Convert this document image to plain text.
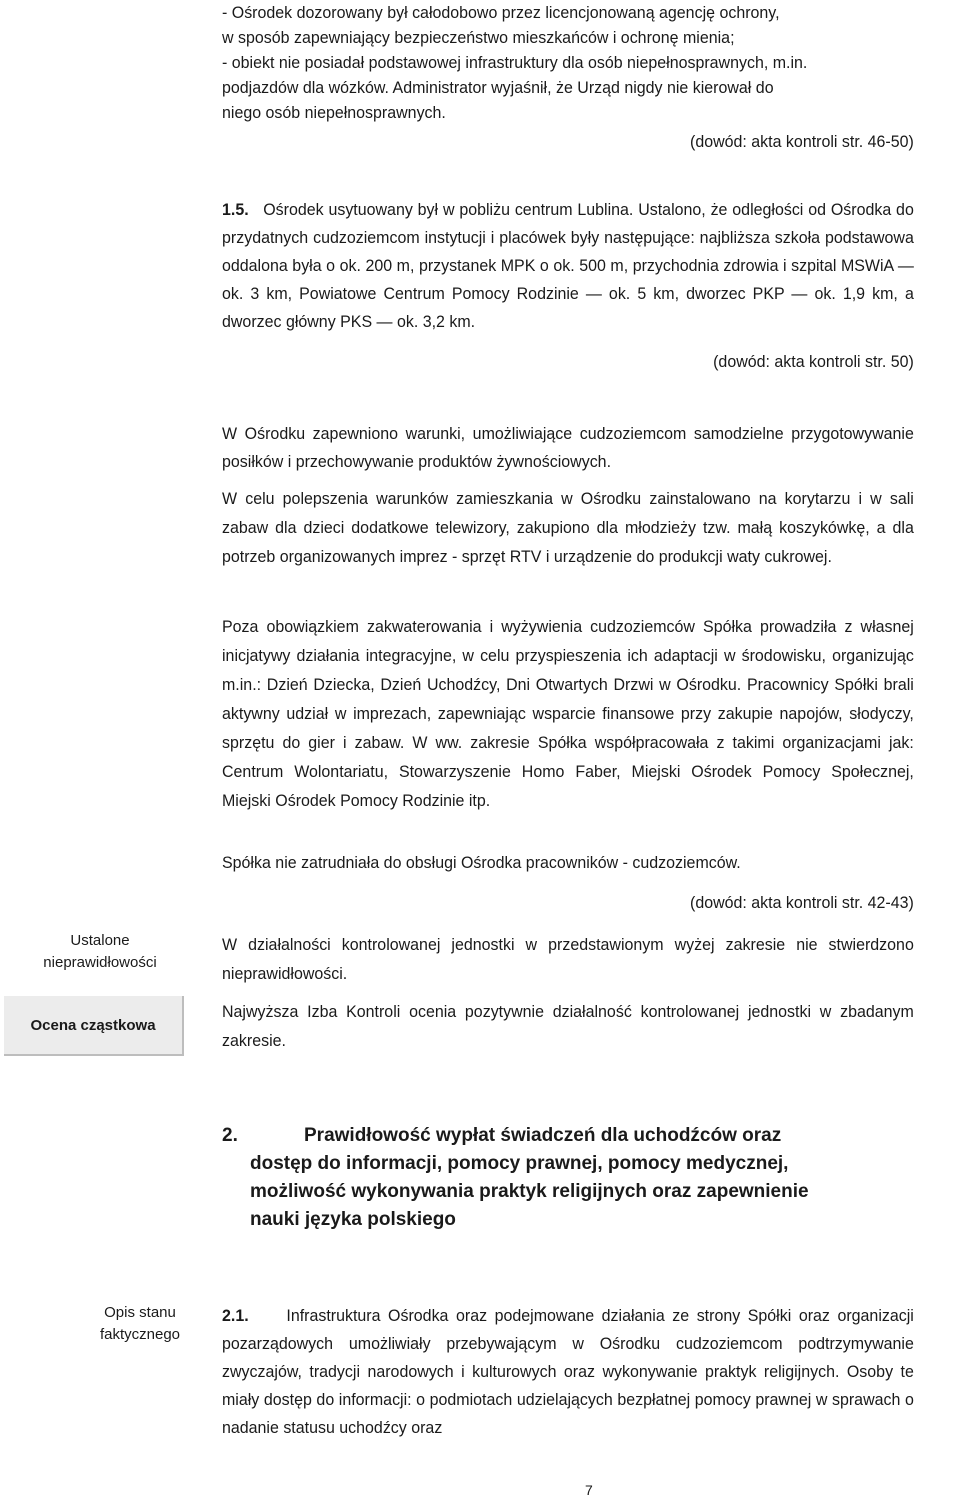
- Ośrodek dozorowany był całodobowo przez licencjonowaną agencję ochrony,

w sposób zapewniający bezpieczeństwo mieszkańców i ochronę mienia;

- obiekt nie posiadał podstawowej infrastruktury dla osób niepełnosprawnych, m.in.

podjazdów dla wózków. Administrator wyjaśnił, że Urząd nigdy nie kierował do

niego osób niepełnosprawnych.

(dowód: akta kontroli str. 46-50)

1.5. Ośrodek usytuowany był w pobliżu centrum Lublina. Ustalono, że odległości od Ośrodka do przydatnych cudzoziemcom instytucji i placówek były następujące: najbliższa szkoła podstawowa oddalona była o ok. 200 m, przystanek MPK o ok. 500 m, przychodnia zdrowia i szpital MSWiA — ok. 3 km, Powiatowe Centrum Pomocy Rodzinie — ok. 5 km, dworzec PKP — ok. 1,9 km, a dworzec główny PKS — ok. 3,2 km.

(dowód: akta kontroli str. 50)

W Ośrodku zapewniono warunki, umożliwiające cudzoziemcom samodzielne przygotowywanie posiłków i przechowywanie produktów żywnościowych.

W celu polepszenia warunków zamieszkania w Ośrodku zainstalowano na korytarzu i w sali zabaw dla dzieci dodatkowe telewizory, zakupiono dla młodzieży tzw. małą koszykówkę, a dla potrzeb organizowanych imprez - sprzęt RTV i urządzenie do produkcji waty cukrowej.

Poza obowiązkiem zakwaterowania i wyżywienia cudzoziemców Spółka prowadziła z własnej inicjatywy działania integracyjne, w celu przyspieszenia ich adaptacji w środowisku, organizując m.in.: Dzień Dziecka, Dzień Uchodźcy, Dni Otwartych Drzwi w Ośrodku. Pracownicy Spółki brali aktywny udział w imprezach, zapewniając wsparcie finansowe przy zakupie napojów, słodyczy, sprzętu do gier i zabaw. W ww. zakresie Spółka współpracowała z takimi organizacjami jak: Centrum Wolontariatu, Stowarzyszenie Homo Faber, Miejski Ośrodek Pomocy Społecznej, Miejski Ośrodek Pomocy Rodzinie itp.

Spółka nie zatrudniała do obsługi Ośrodka pracowników - cudzoziemców.

(dowód: akta kontroli str. 42-43)

W działalności kontrolowanej jednostki w przedstawionym wyżej zakresie nie stwierdzono nieprawidłowości.

Najwyższa Izba Kontroli ocenia pozytywnie działalność kontrolowanej jednostki w zbadanym zakresie.

Ustalone
nieprawidłowości
Ocena cząstkowa
2.	Prawidłowość wypłat świadczeń dla uchodźców oraz
dostęp do informacji, pomocy prawnej, pomocy medycznej,
możliwość wykonywania praktyk religijnych oraz zapewnienie
nauki języka polskiego
Opis stanu
faktycznego

2.1. Infrastruktura Ośrodka oraz podejmowane działania ze strony Spółki oraz organizacji pozarządowych umożliwiały przebywającym w Ośrodku cudzoziemcom podtrzymywanie zwyczajów, tradycji narodowych i kulturowych oraz wykonywanie praktyk religijnych. Osoby te miały dostęp do informacji: o podmiotach udzielających bezpłatnej pomocy prawnej w sprawach o nadanie statusu uchodźcy oraz

7
